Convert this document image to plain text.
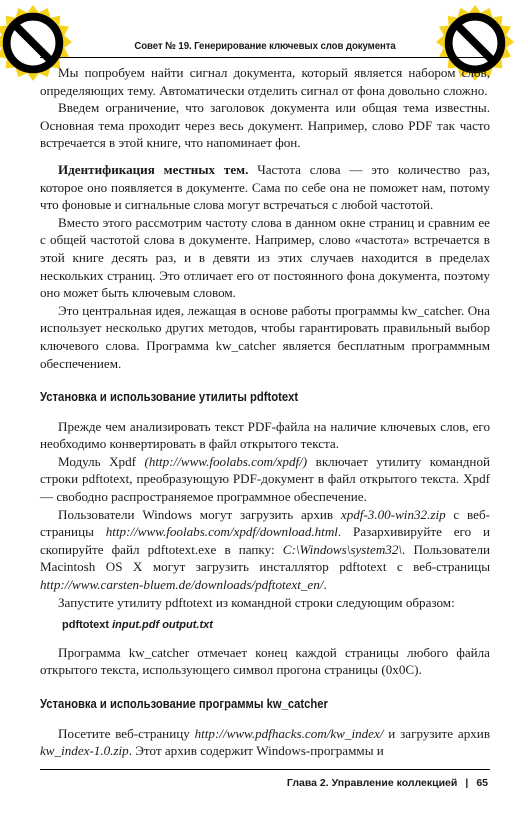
Совет № 19. Генерирование ключевых слов документа

Мы попробуем найти сигнал документа, который является набором слов, определяющих тему. Автоматически отделить сигнал от фона довольно сложно.

Введем ограничение, что заголовок документа или общая тема известны. Основная тема проходит через весь документ. Например, слово PDF так часто встречается в этой книге, что напоминает фон.

Идентификация местных тем. Частота слова — это количество раз, которое оно появляется в документе. Сама по себе она не поможет нам, потому что фоновые и сигнальные слова могут встречаться с любой частотой.

Вместо этого рассмотрим частоту слова в данном окне страниц и сравним ее с общей частотой слова в документе. Например, слово «частота» встречается в этой книге десять раз, и в девяти из этих случаев находится в пределах нескольких страниц. Это отличает его от постоянного фона документа, поэтому оно может быть ключевым словом.

Это центральная идея, лежащая в основе работы программы kw_catcher. Она использует несколько других методов, чтобы гарантировать правильный выбор ключевого слова. Программа kw_catcher является бесплатным программным обеспечением.

Установка и использование утилиты pdftotext

Прежде чем анализировать текст PDF-файла на наличие ключевых слов, его необходимо конвертировать в файл открытого текста.

Модуль Xpdf (http://www.foolabs.com/xpdf/) включает утилиту командной строки pdftotext, преобразующую PDF-документ в файл открытого текста. Xpdf — свободно распространяемое программное обеспечение.

Пользователи Windows могут загрузить архив xpdf-3.00-win32.zip с веб-страницы http://www.foolabs.com/xpdf/download.html. Разархивируйте его и скопируйте файл pdftotext.exe в папку: C:\Windows\system32\. Пользователи Macintosh OS X могут загрузить инсталлятор pdftotext с веб-страницы http://www.carsten-bluem.de/downloads/pdftotext_en/.

Запустите утилиту pdftotext из командной строки следующим образом:

pdftotext input.pdf output.txt

Программа kw_catcher отмечает конец каждой страницы любого файла открытого текста, использующего символ прогона страницы (0x0C).

Установка и использование программы kw_catcher

Посетите веб-страницу http://www.pdfhacks.com/kw_index/ и загрузите архив kw_index-1.0.zip. Этот архив содержит Windows-программы и

Глава 2. Управление коллекцией | 65
